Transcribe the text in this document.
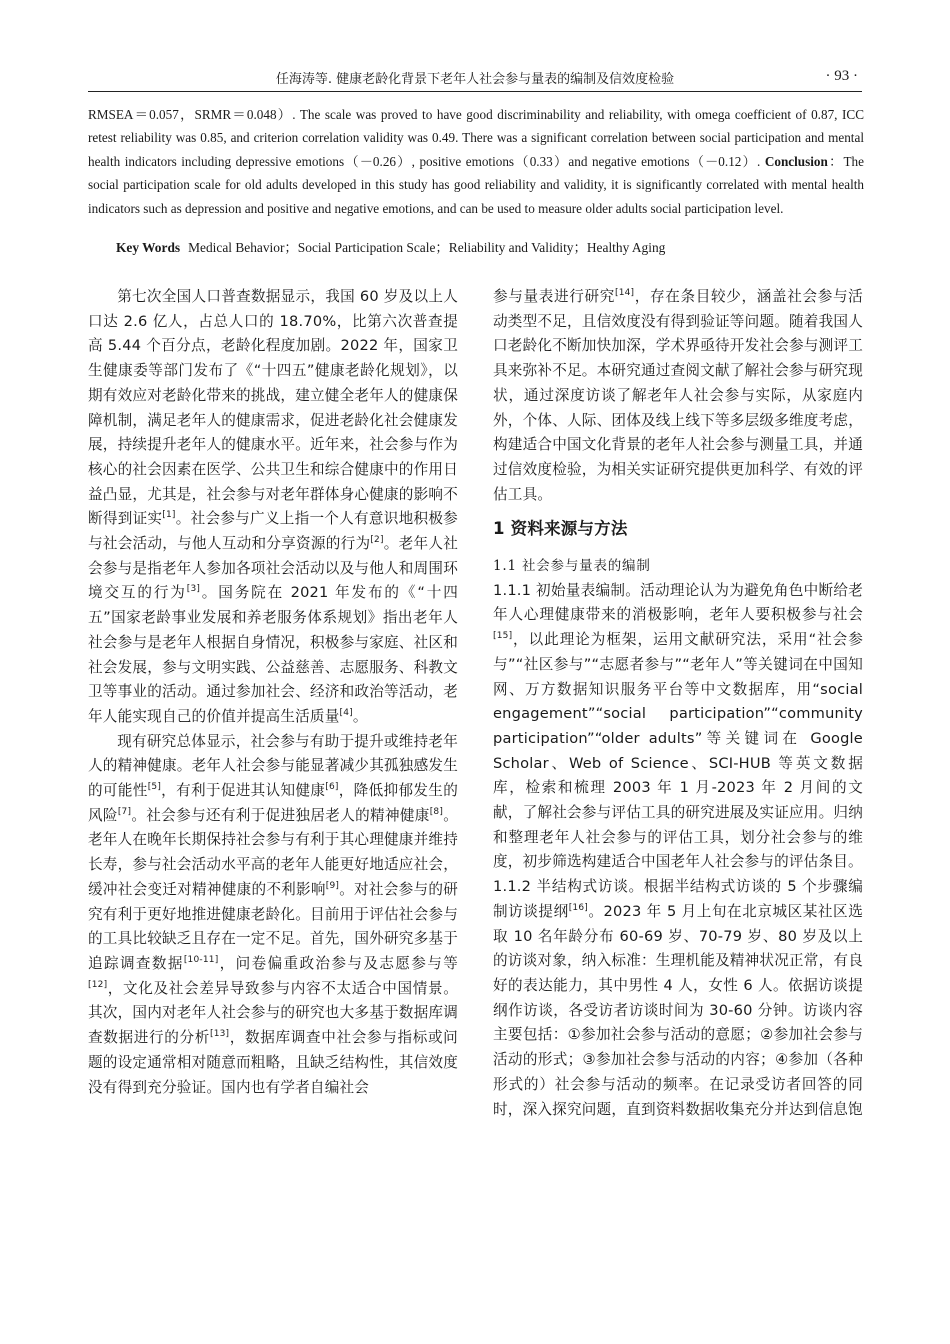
任海涛等. 健康老龄化背景下老年人社会参与量表的编制及信效度检验	· 93 ·
RMSEA＝0.057，SRMR＝0.048）. The scale was proved to have good discriminability and reliability, with omega coefficient of 0.87, ICC retest reliability was 0.85, and criterion correlation validity was 0.49. There was a significant correlation between social participation and mental health indicators including depressive emotions（－0.26）, positive emotions（0.33）and negative emotions（－0.12）. Conclusion：The social participation scale for old adults developed in this study has good reliability and validity, it is significantly correlated with mental health indicators such as depression and positive and negative emotions, and can be used to measure older adults social participation level.
Key Words Medical Behavior；Social Participation Scale；Reliability and Validity；Healthy Aging

第七次全国人口普查数据显示，我国 60 岁及以上人口达 2.6 亿人，占总人口的 18.70%，比第六次普查提高 5.44 个百分点，老龄化程度加剧。2022 年，国家卫生健康委等部门发布了《“十四五”健康老龄化规划》，以期有效应对老龄化带来的挑战，建立健全老年人的健康保障机制，满足老年人的健康需求，促进老龄化社会健康发展，持续提升老年人的健康水平。近年来，社会参与作为核心的社会因素在医学、公共卫生和综合健康中的作用日益凸显，尤其是，社会参与对老年群体身心健康的影响不断得到证实[1]。社会参与广义上指一个人有意识地积极参与社会活动，与他人互动和分享资源的行为[2]。老年人社会参与是指老年人参加各项社会活动以及与他人和周围环境交互的行为[3]。国务院在 2021 年发布的《“十四五”国家老龄事业发展和养老服务体系规划》指出老年人社会参与是老年人根据自身情况，积极参与家庭、社区和社会发展，参与文明实践、公益慈善、志愿服务、科教文卫等事业的活动。通过参加社会、经济和政治等活动，老年人能实现自己的价值并提高生活质量[4]。

现有研究总体显示，社会参与有助于提升或维持老年人的精神健康。老年人社会参与能显著减少其孤独感发生的可能性[5]，有利于促进其认知健康[6]，降低抑郁发生的风险[7]。社会参与还有利于促进独居老人的精神健康[8]。老年人在晚年长期保持社会参与有利于其心理健康并维持长寿，参与社会活动水平高的老年人能更好地适应社会，缓冲社会变迁对精神健康的不利影响[9]。对社会参与的研究有利于更好地推进健康老龄化。目前用于评估社会参与的工具比较缺乏且存在一定不足。首先，国外研究多基于追踪调查数据[10-11]，问卷偏重政治参与及志愿参与等[12]，文化及社会差异导致参与内容不太适合中国情景。其次，国内对老年人社会参与的研究也大多基于数据库调查数据进行的分析[13]，数据库调查中社会参与指标或问题的设定通常相对随意而粗略，且缺乏结构性，其信效度没有得到充分验证。国内也有学者自编社会

参与量表进行研究[14]，存在条目较少，涵盖社会参与活动类型不足，且信效度没有得到验证等问题。随着我国人口老龄化不断加快加深，学术界亟待开发社会参与测评工具来弥补不足。本研究通过查阅文献了解社会参与研究现状，通过深度访谈了解老年人社会参与实际，从家庭内外，个体、人际、团体及线上线下等多层级多维度考虑，构建适合中国文化背景的老年人社会参与测量工具，并通过信效度检验，为相关实证研究提供更加科学、有效的评估工具。

1 资料来源与方法
1.1 社会参与量表的编制

1.1.1 初始量表编制。活动理论认为为避免角色中断给老年人心理健康带来的消极影响，老年人要积极参与社会[15]，以此理论为框架，运用文献研究法，采用“社会参与”“社区参与”“志愿者参与”“老年人”等关键词在中国知网、万方数据知识服务平台等中文数据库，用“social engagement”“social participation”“community participation”“older adults”等关键词在 Google Scholar、Web of Science、SCI-HUB 等英文数据库，检索和梳理 2003 年 1 月-2023 年 2 月间的文献，了解社会参与评估工具的研究进展及实证应用。归纳和整理老年人社会参与的评估工具，划分社会参与的维度，初步筛选构建适合中国老年人社会参与的评估条目。

1.1.2 半结构式访谈。根据半结构式访谈的 5 个步骤编制访谈提纲[16]。2023 年 5 月上旬在北京城区某社区选取 10 名年龄分布 60-69 岁、70-79 岁、80 岁及以上的访谈对象，纳入标准：生理机能及精神状况正常，有良好的表达能力，其中男性 4 人，女性 6 人。依据访谈提纲作访谈，各受访者访谈时间为 30-60 分钟。访谈内容主要包括：①参加社会参与活动的意愿；②参加社会参与活动的形式；③参加社会参与活动的内容；④参加（各种形式的）社会参与活动的频率。在记录受访者回答的同时，深入探究问题，直到资料数据收集充分并达到信息饱
